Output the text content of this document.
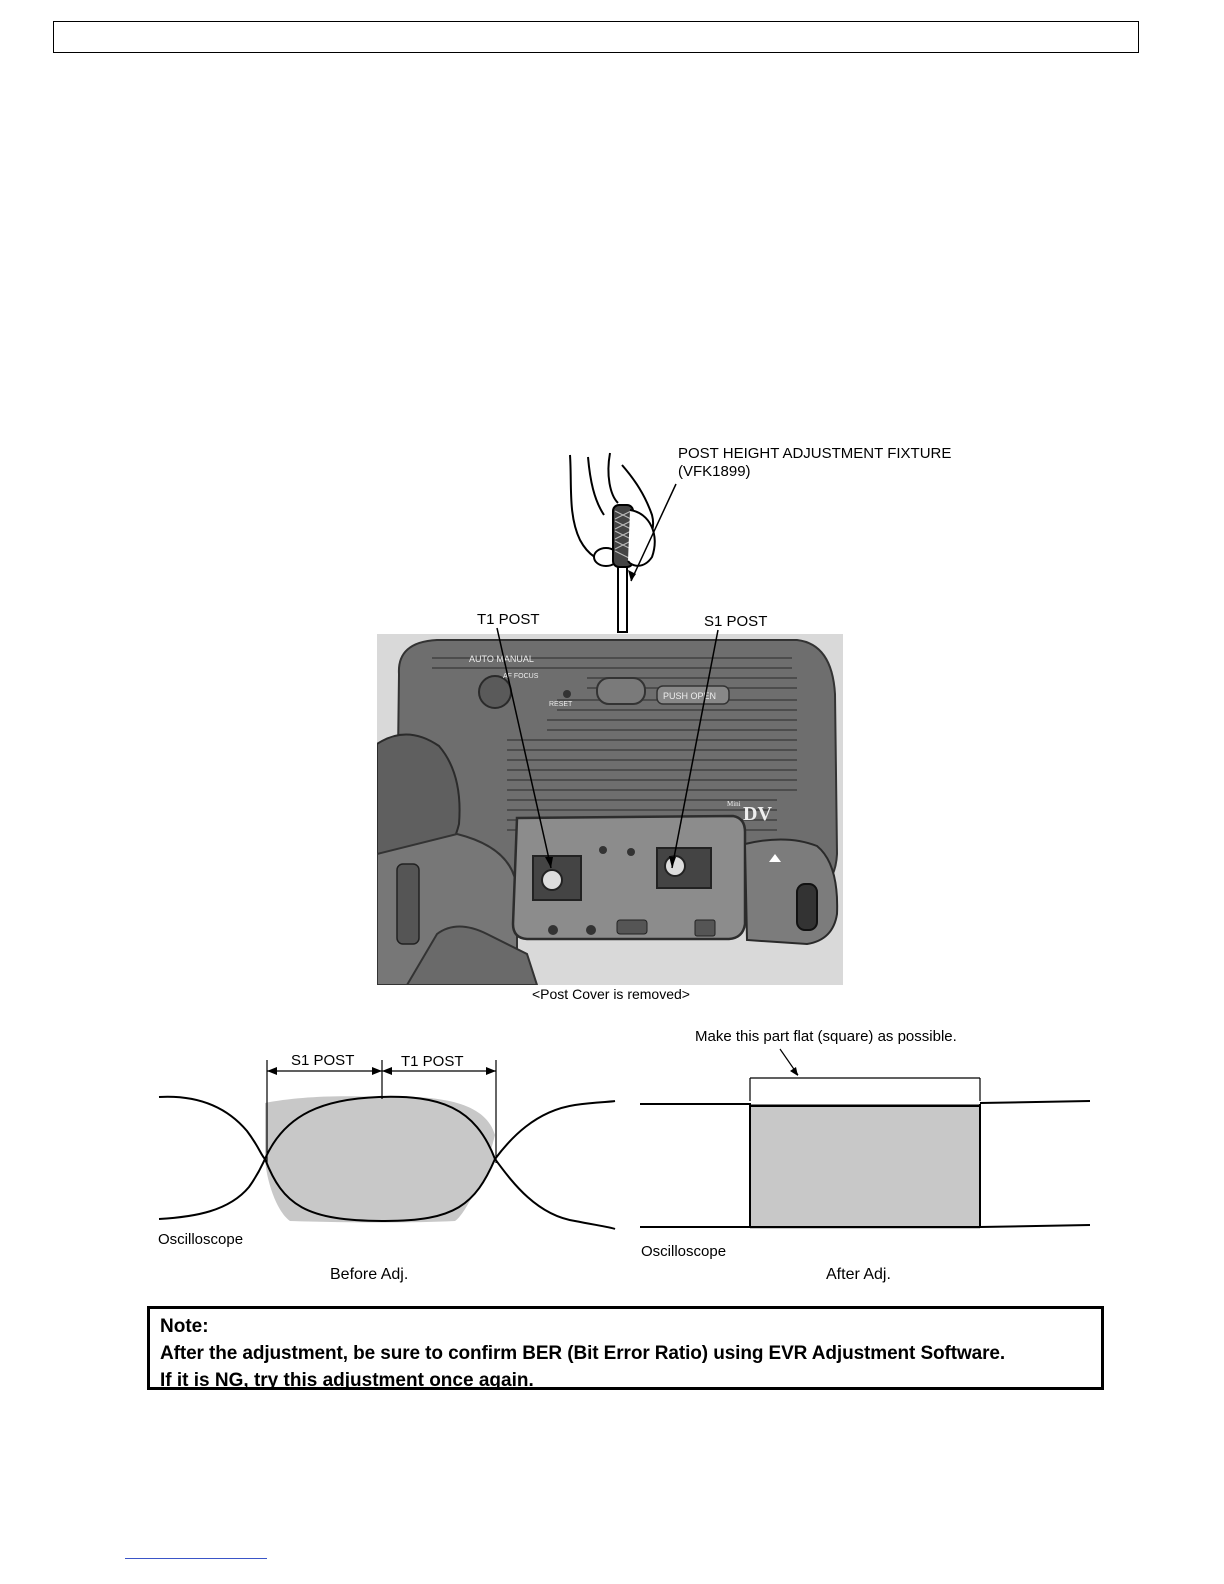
POST HEIGHT ADJUSTMENT FIXTURE
(VFK1899)
T1 POST	S1 POST
AUTO MANUAL
AF FOCUS
RESET
PUSH OPEN
Mini DV
<Post Cover is removed>
S1 POST	T1 POST
Oscilloscope
Before Adj.
Make this part flat (square) as possible.
Oscilloscope
After Adj.
Note:
After the adjustment, be sure to confirm BER (Bit Error Ratio) using EVR Adjustment Software.
If it is NG, try this adjustment once again.
